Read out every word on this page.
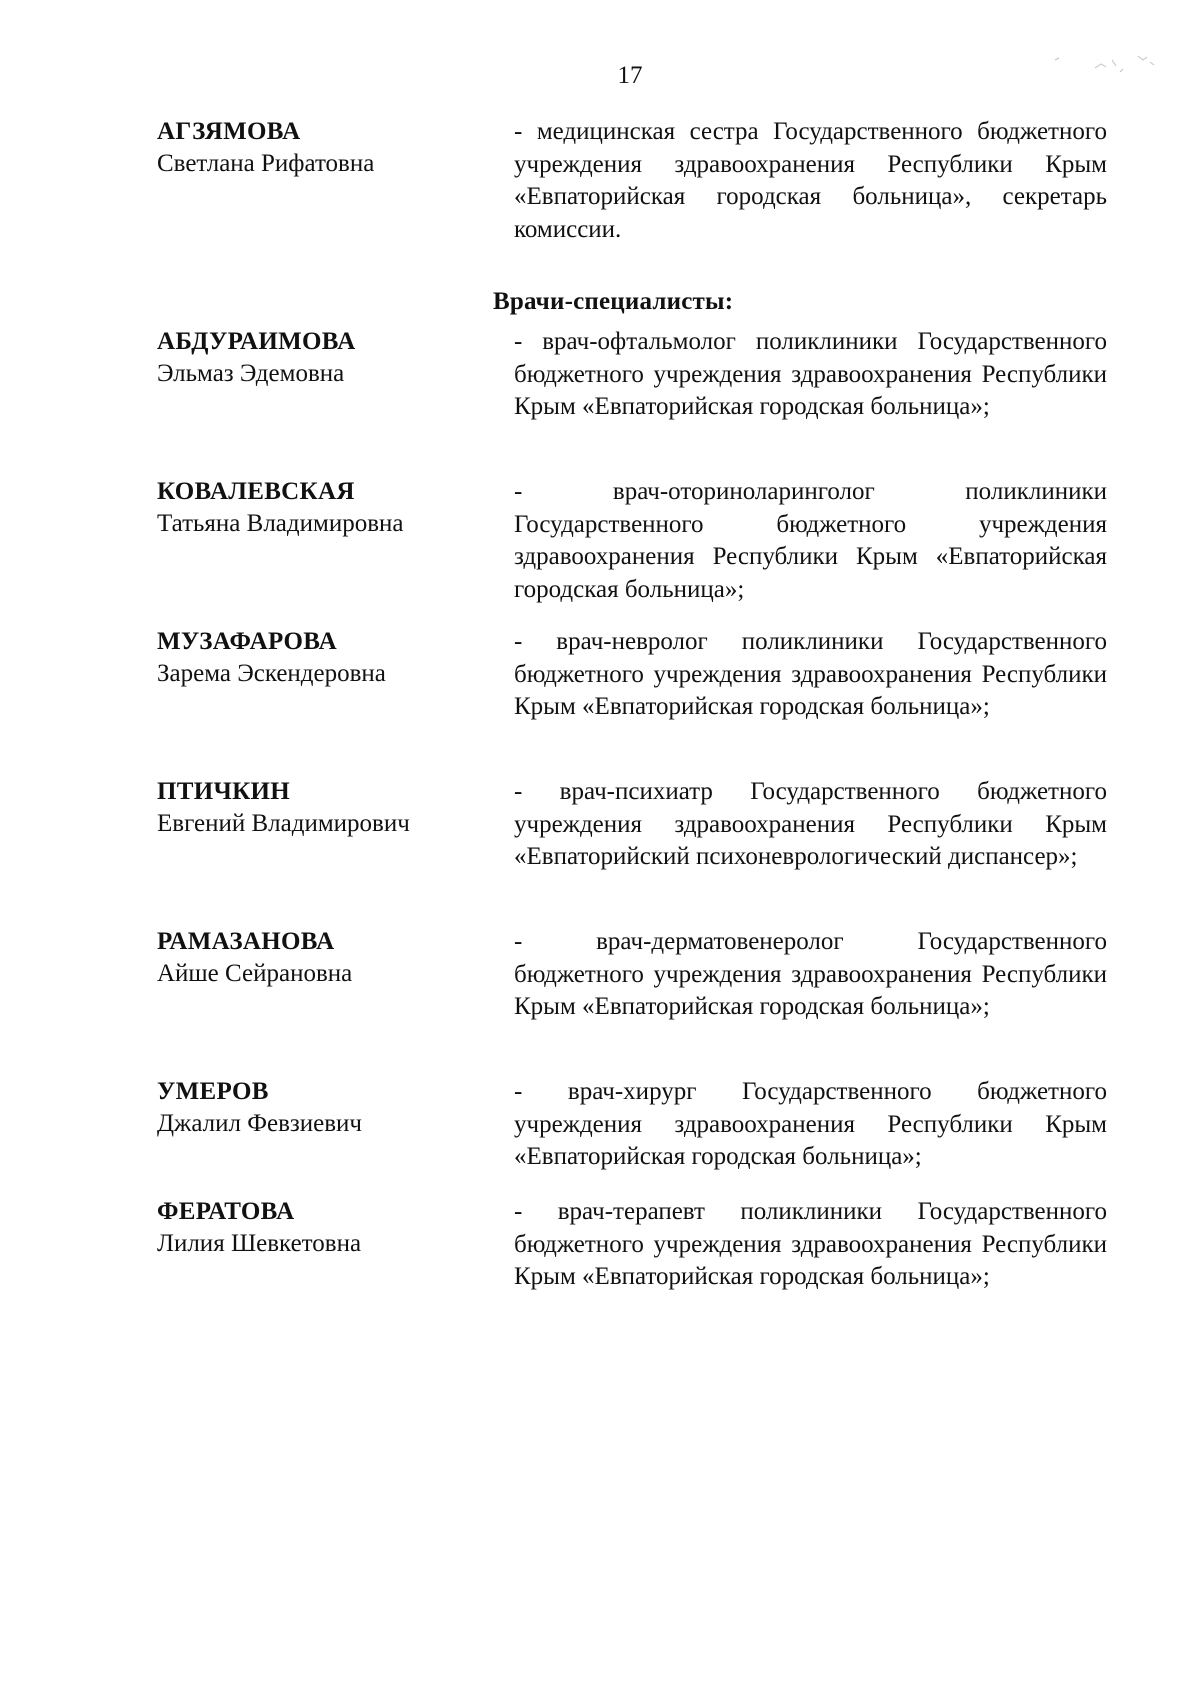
17
АГЗЯМОВА
Светлана Рифатовна
- медицинская сестра Государственного бюджетного учреждения здравоохранения Республики Крым «Евпаторийская городская больница», секретарь комиссии.
Врачи-специалисты:
АБДУРАИМОВА
Эльмаз Эдемовна
- врач-офтальмолог поликлиники Государственного бюджетного учреждения здравоохранения Республики Крым «Евпаторийская городская больница»;
КОВАЛЕВСКАЯ
Татьяна Владимировна
- врач-оториноларинголог поликлиники Государственного бюджетного учреждения здравоохранения Республики Крым «Евпаторийская городская больница»;
МУЗАФАРОВА
Зарема Эскендеровна
- врач-невролог поликлиники Государственного бюджетного учреждения здравоохранения Республики Крым «Евпаторийская городская больница»;
ПТИЧКИН
Евгений Владимирович
- врач-психиатр Государственного бюджетного учреждения здравоохранения Республики Крым «Евпаторийский психоневрологический диспансер»;
РАМАЗАНОВА
Айше Сейрановна
- врач-дерматовенеролог Государственного бюджетного учреждения здравоохранения Республики Крым «Евпаторийская городская больница»;
УМЕРОВ
Джалил Февзиевич
- врач-хирург Государственного бюджетного учреждения здравоохранения Республики Крым «Евпаторийская городская больница»;
ФЕРАТОВА
Лилия Шевкетовна
- врач-терапевт поликлиники Государственного бюджетного учреждения здравоохранения Республики Крым «Евпаторийская городская больница»;
